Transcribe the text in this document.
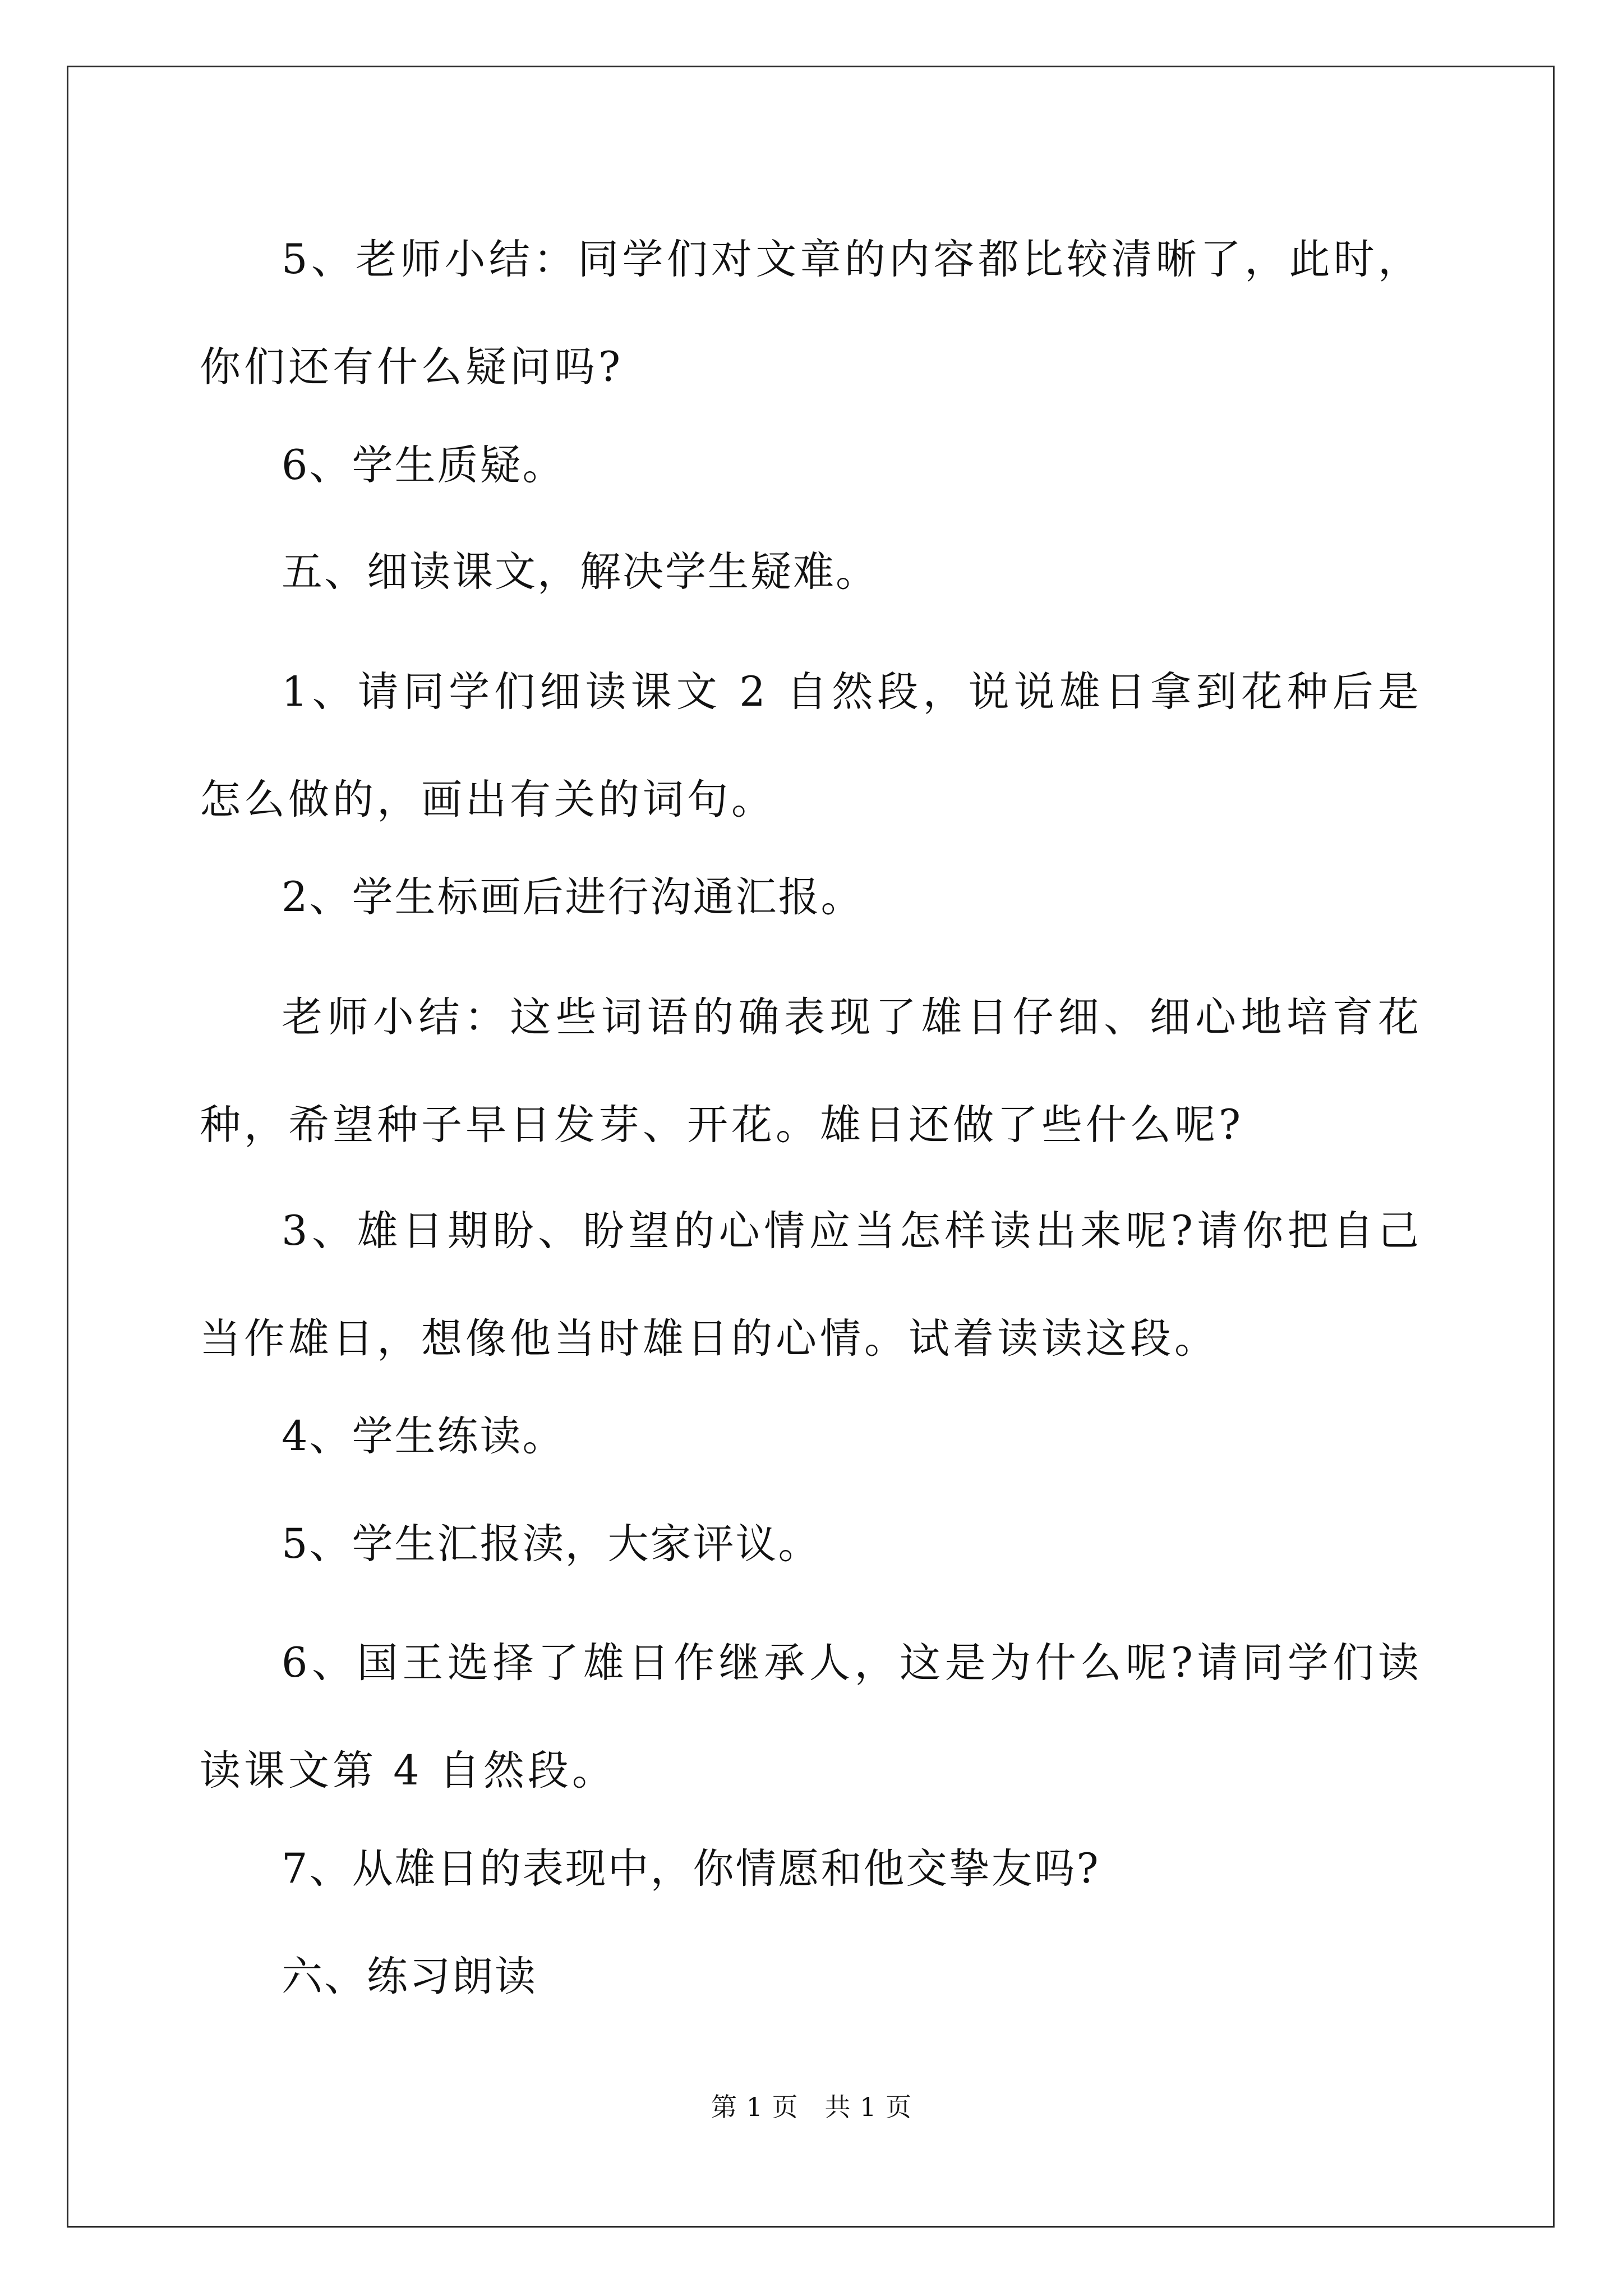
5、老师小结：同学们对文章的内容都比较清晰了，此时，你们还有什么疑问吗?

6、学生质疑。

五、细读课文，解决学生疑难。

1、请同学们细读课文 2 自然段，说说雄日拿到花种后是怎么做的，画出有关的词句。

2、学生标画后进行沟通汇报。

老师小结：这些词语的确表现了雄日仔细、细心地培育花种，希望种子早日发芽、开花。雄日还做了些什么呢?

3、雄日期盼、盼望的心情应当怎样读出来呢?请你把自己当作雄日，想像他当时雄日的心情。试着读读这段。

4、学生练读。

5、学生汇报渎，大家评议。

6、国王选择了雄日作继承人，这是为什么呢?请同学们读读课文第 4 自然段。

7、从雄日的表现中，你情愿和他交挚友吗?

六、练习朗读

第 1 页　共 1 页
